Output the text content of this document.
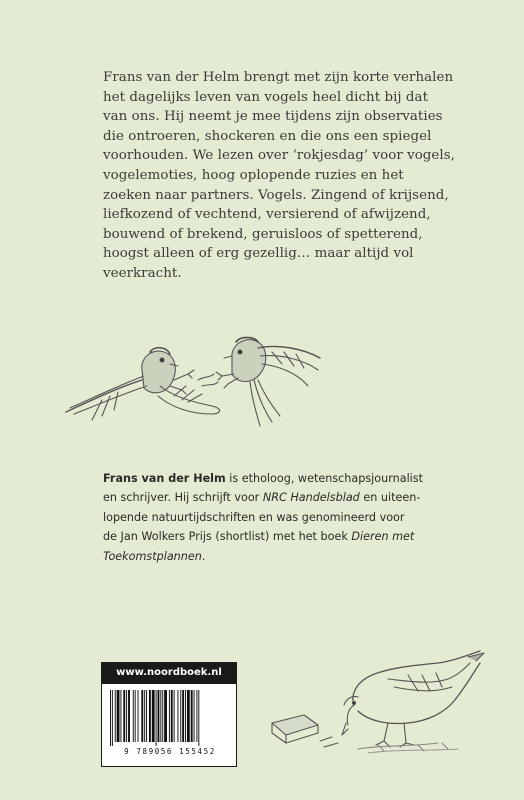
Frans van der Helm brengt met zijn korte verhalen
het dagelijks leven van vogels heel dicht bij dat
van ons. Hij neemt je mee tijdens zijn observaties
die ontroeren, shockeren en die ons een spiegel
voorhouden. We lezen over ‘rokjesdag’ voor vogels,
vogelemoties, hoog oplopende ruzies en het
zoeken naar partners. Vogels. Zingend of krijsend,
liefkozend of vechtend, versierend of afwijzend,
bouwend of brekend, geruisloos of spetterend,
hoogst alleen of erg gezellig… maar altijd vol
veerkracht.
Frans van der Helm is etholoog, wetenschapsjournalist
en schrijver. Hij schrijft voor NRC Handelsblad en uiteen-
lopende natuurtijdschriften en was genomineerd voor
de Jan Wolkers Prijs (shortlist) met het boek Dieren met
Toekomstplannen.
www.noordboek.nl
9 789056 155452
